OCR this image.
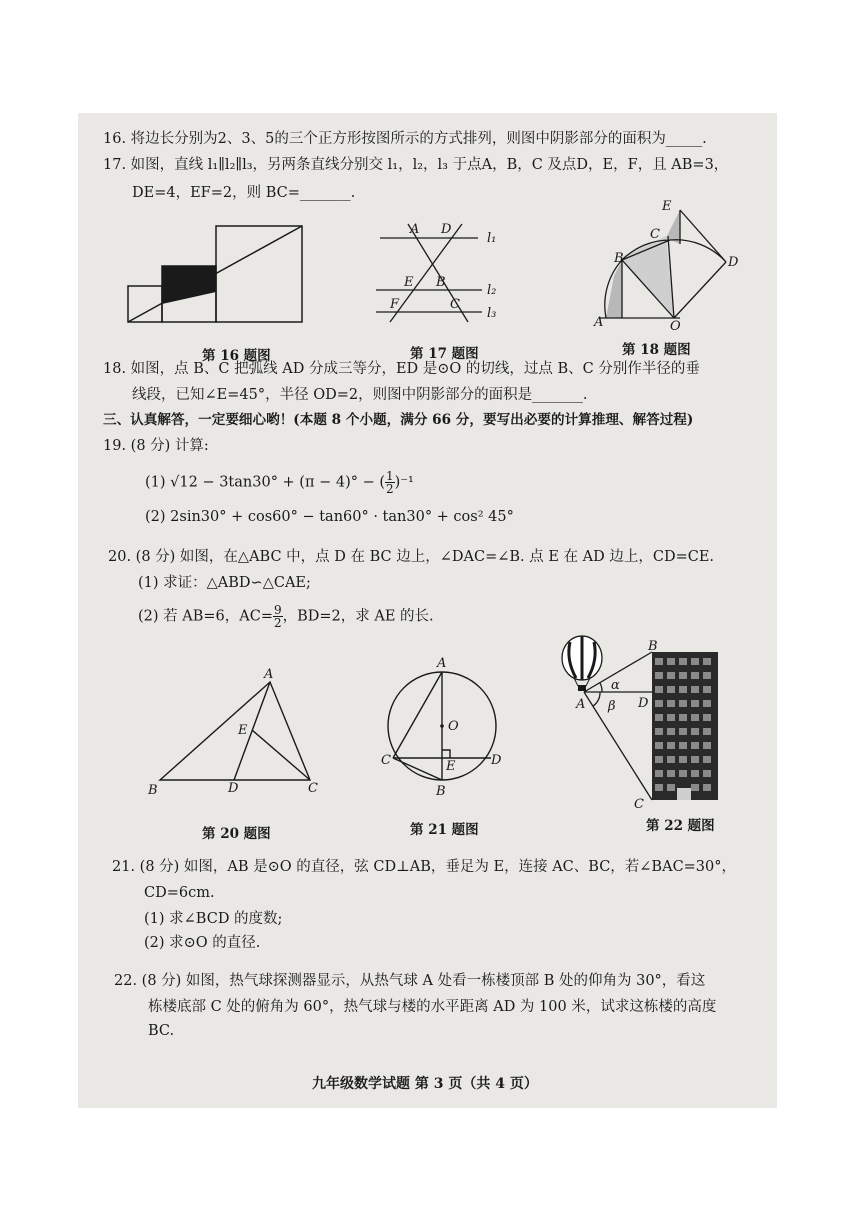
16. 将边长分别为2、3、5的三个正方形按图所示的方式排列，则图中阴影部分的面积为_____.
17. 如图，直线 l₁∥l₂∥l₃，另两条直线分别交 l₁，l₂，l₃ 于点A，B，C 及点D，E，F，且 AB=3，
DE=4，EF=2，则 BC=_______.
第 16 题图
A D
l₁
E B
l₂
F	C
l₃
第 17 题图
E
C
B	D
A	O
第 18 题图
18. 如图，点 B、C 把弧线 AD 分成三等分，ED 是⊙O 的切线，过点 B、C 分别作半径的垂
线段，已知∠E=45°，半径 OD=2，则图中阴影部分的面积是_______.
三、认真解答，一定要细心哟！(本题 8 个小题，满分 66 分，要写出必要的计算推理、解答过程)
19. (8 分) 计算:
(1) √12 − 3tan30° + (π − 4)° − ( $\frac{1}{2} )^{-1}$
(2) 2sin30° + cos60° − tan60° · tan30° + cos² 45°
20. (8 分) 如图，在△ABC 中，点 D 在 BC 边上，∠DAC=∠B. 点 E 在 AD 边上，CD=CE.
(1) 求证：△ABD∽△CAE;
(2) 若 AB=6，$AC= \frac{9}{2}$ ，BD=2，求 AE 的长.
A
E
B	D	C
第 20 题图
A
O
C	E	D
B
第 21 题图
B
α
A β D
C
第 22 题图
21. (8 分) 如图，AB 是⊙O 的直径，弦 CD⊥AB，垂足为 E，连接 AC、BC，若∠BAC=30°，
CD=6cm.
(1) 求∠BCD 的度数;
(2) 求⊙O 的直径.
22. (8 分) 如图，热气球探测器显示，从热气球 A 处看一栋楼顶部 B 处的仰角为 30°，看这
栋楼底部 C 处的俯角为 60°，热气球与楼的水平距离 AD 为 100 米，试求这栋楼的高度
BC.
九年级数学试题 第 3 页（共 4 页）
